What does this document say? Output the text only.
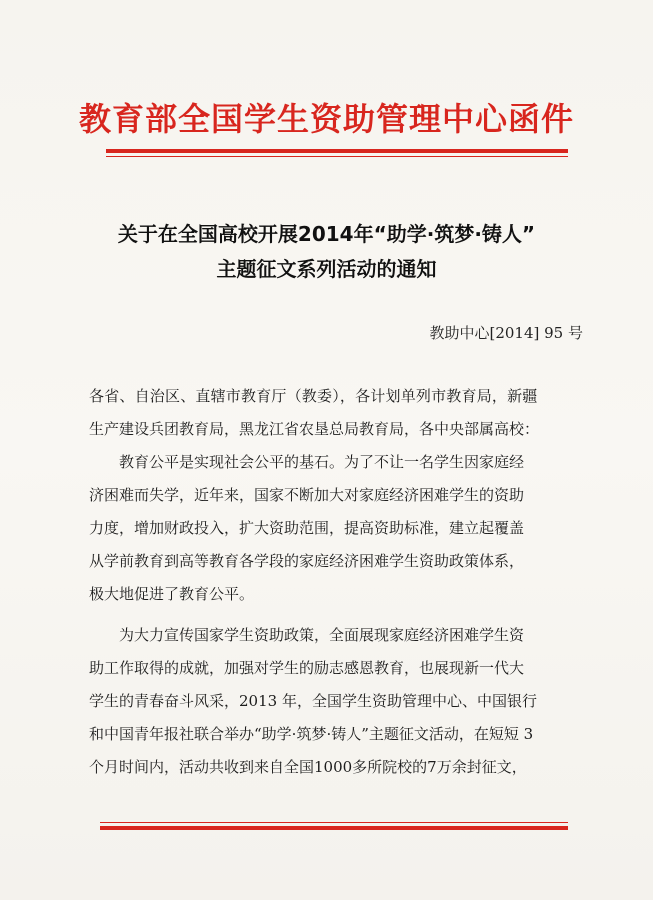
教育部全国学生资助管理中心函件
关于在全国高校开展2014年“助学·筑梦·铸人”
主题征文系列活动的通知
教助中心[2014] 95 号
各省、自治区、直辖市教育厅（教委），各计划单列市教育局，新疆
生产建设兵团教育局，黑龙江省农垦总局教育局，各中央部属高校：
教育公平是实现社会公平的基石。为了不让一名学生因家庭经
济困难而失学，近年来，国家不断加大对家庭经济困难学生的资助
力度，增加财政投入，扩大资助范围，提高资助标准，建立起覆盖
从学前教育到高等教育各学段的家庭经济困难学生资助政策体系，
极大地促进了教育公平。
为大力宣传国家学生资助政策，全面展现家庭经济困难学生资
助工作取得的成就，加强对学生的励志感恩教育，也展现新一代大
学生的青春奋斗风采，2013 年，全国学生资助管理中心、中国银行
和中国青年报社联合举办“助学·筑梦·铸人”主题征文活动，在短短 3
个月时间内，活动共收到来自全国1000多所院校的7万余封征文，
